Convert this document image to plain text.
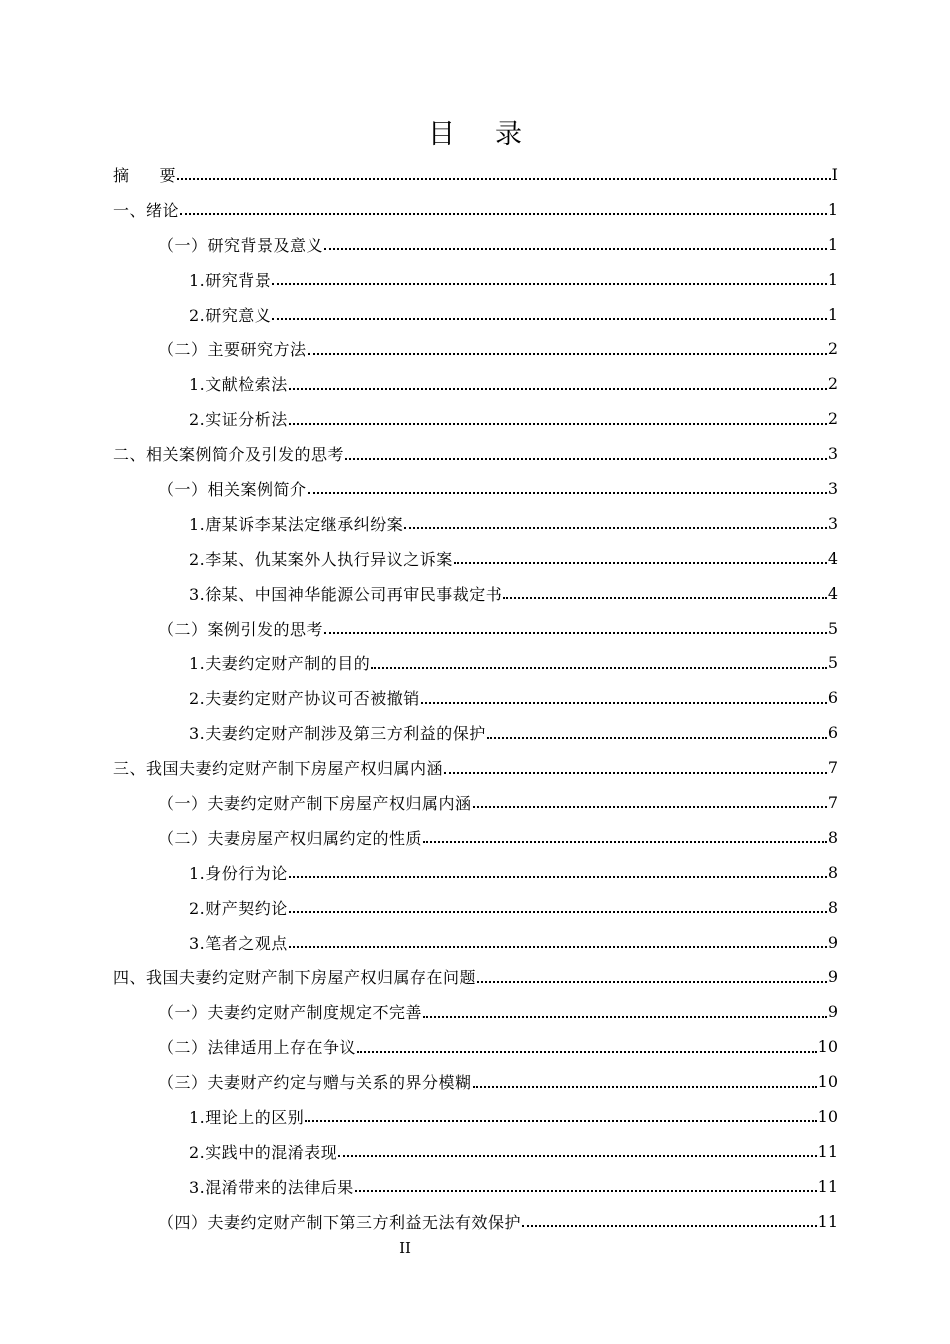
目录
摘 要	I
一、绪论	1
（一）研究背景及意义	1
1.研究背景	1
2.研究意义	1
（二）主要研究方法	2
1.文献检索法	2
2.实证分析法	2
二、相关案例简介及引发的思考	3
（一）相关案例简介	3
1.唐某诉李某法定继承纠纷案	3
2.李某、仇某案外人执行异议之诉案	4
3.徐某、中国神华能源公司再审民事裁定书	4
（二）案例引发的思考	5
1.夫妻约定财产制的目的	5
2.夫妻约定财产协议可否被撤销	6
3.夫妻约定财产制涉及第三方利益的保护	6
三、我国夫妻约定财产制下房屋产权归属内涵	7
（一）夫妻约定财产制下房屋产权归属内涵	7
（二）夫妻房屋产权归属约定的性质	8
1.身份行为论	8
2.财产契约论	8
3.笔者之观点	9
四、我国夫妻约定财产制下房屋产权归属存在问题	9
（一）夫妻约定财产制度规定不完善	9
（二）法律适用上存在争议	10
（三）夫妻财产约定与赠与关系的界分模糊	10
1.理论上的区别	10
2.实践中的混淆表现	11
3.混淆带来的法律后果	11
（四）夫妻约定财产制下第三方利益无法有效保护	11
II
